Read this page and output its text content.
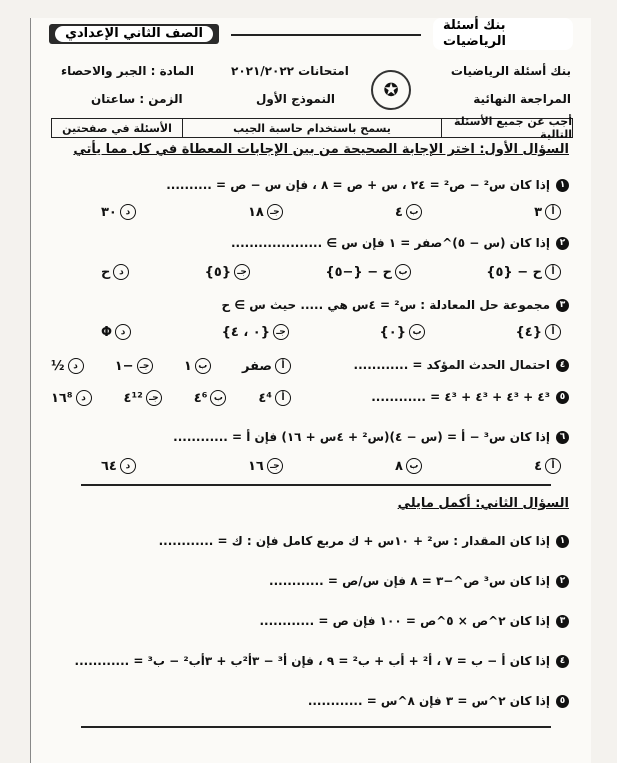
بنك أسئلة الرياضيات
الصف الثاني الإعدادي
بنك أسئلة الرياضيات
المراجعة النهائية
✪
امتحانات ٢٠٢١/٢٠٢٢
النموذج الأول
المادة : الجبر والاحصاء
الزمن : ساعتان
أجب عن جميع الأسئلة التالية
يسمح باستخدام حاسبة الجيب
الأسئلة في صفحتين
السؤال الأول: اختر الإجابة الصحيحة من بين الإجابات المعطاة في كل مما يأتي
١
إذا كان س² − ص² = ٢٤ ، س + ص = ٨ ، فإن س − ص = ..........
أ
٣
ب
٤
جـ
١٨
د
٣٠
٢
إذا كان (س − ٥)^صفر = ١ فإن س ∋ ....................
أ
ح − {٥}
ب
ح − {−٥}
جـ
{٥}
د
ح
٣
مجموعة حل المعادلة : س² = ٤س هي ..... حيث س ∋ ح
أ
{٤}
ب
{٠}
جـ
{٠ ، ٤}
د
Φ
٤
احتمال الحدث المؤكد = ............
أ
صفر
ب
١
جـ
−١
د
½
٥
٤³ + ٤³ + ٤³ + ٤³ = ............
أ
٤⁴
ب
٤⁶
جـ
٤¹²
د
١٦⁸
٦
إذا كان س³ − أ = (س − ٤)(س² + ٤س + ١٦) فإن أ = ............
أ
٤
ب
٨
جـ
١٦
د
٦٤
السؤال الثاني: أكمل مايلي
١
إذا كان المقدار : س² + ١٠س + ك مربع كامل فإن : ك = ............
٢
إذا كان س³ ص^−٣ = ٨ فإن س/ص = ............
٣
إذا كان ٢^ص × ٥^ص = ١٠٠ فإن ص = ............
٤
إذا كان أ − ب = ٧ ، أ² + أب + ب² = ٩ ، فإن أ³ − ٣أ²ب + ٣أب² − ب³ = ............
٥
إذا كان ٢^س = ٣ فإن ٨^س = ............
